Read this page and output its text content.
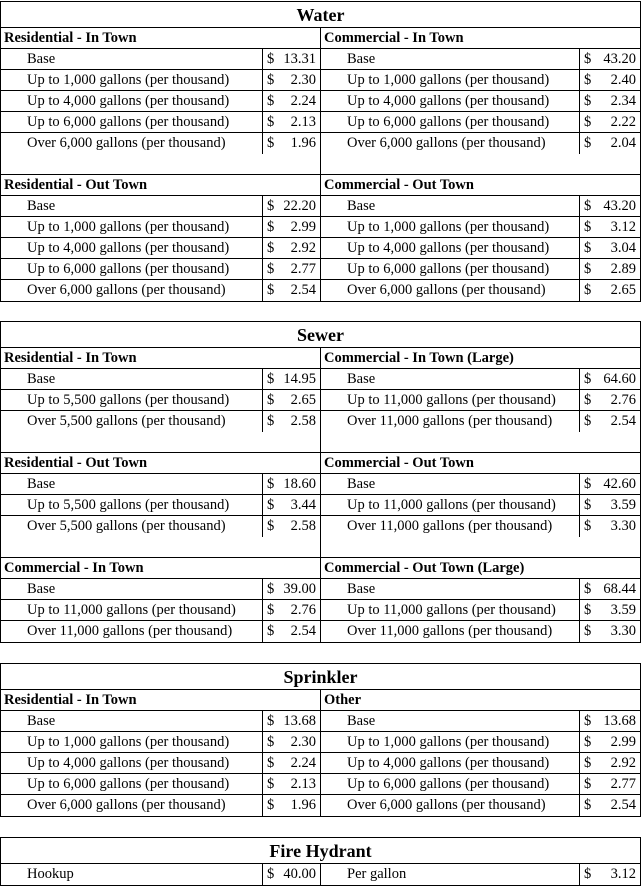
Water
Residential - In Town
Base	$ 13.31
Up to 1,000 gallons (per thousand)	$ 2.30
Up to 4,000 gallons (per thousand)	$ 2.24
Up to 6,000 gallons (per thousand)	$ 2.13
Over 6,000 gallons (per thousand)	$ 1.96
Commercial - In Town
Base	$ 43.20
Up to 1,000 gallons (per thousand)	$ 2.40
Up to 4,000 gallons (per thousand)	$ 2.34
Up to 6,000 gallons (per thousand)	$ 2.22
Over 6,000 gallons (per thousand)	$ 2.04
Residential - Out Town
Base	$ 22.20
Up to 1,000 gallons (per thousand)	$ 2.99
Up to 4,000 gallons (per thousand)	$ 2.92
Up to 6,000 gallons (per thousand)	$ 2.77
Over 6,000 gallons (per thousand)	$ 2.54
Commercial - Out Town
Base	$ 43.20
Up to 1,000 gallons (per thousand)	$ 3.12
Up to 4,000 gallons (per thousand)	$ 3.04
Up to 6,000 gallons (per thousand)	$ 2.89
Over 6,000 gallons (per thousand)	$ 2.65
Sewer
Residential - In Town
Base	$ 14.95
Up to 5,500 gallons (per thousand)	$ 2.65
Over 5,500 gallons (per thousand)	$ 2.58
Commercial - In Town (Large)
Base	$ 64.60
Up to 11,000 gallons (per thousand)	$ 2.76
Over 11,000 gallons (per thousand)	$ 2.54
Residential - Out Town
Base	$ 18.60
Up to 5,500 gallons (per thousand)	$ 3.44
Over 5,500 gallons (per thousand)	$ 2.58
Commercial - Out Town
Base	$ 42.60
Up to 11,000 gallons (per thousand)	$ 3.59
Over 11,000 gallons (per thousand)	$ 3.30
Commercial - In Town
Base	$ 39.00
Up to 11,000 gallons (per thousand)	$ 2.76
Over 11,000 gallons (per thousand)	$ 2.54
Commercial - Out Town (Large)
Base	$ 68.44
Up to 11,000 gallons (per thousand)	$ 3.59
Over 11,000 gallons (per thousand)	$ 3.30
Sprinkler
Residential - In Town
Base	$ 13.68
Up to 1,000 gallons (per thousand)	$ 2.30
Up to 4,000 gallons (per thousand)	$ 2.24
Up to 6,000 gallons (per thousand)	$ 2.13
Over 6,000 gallons (per thousand)	$ 1.96
Other
Base	$ 13.68
Up to 1,000 gallons (per thousand)	$ 2.99
Up to 4,000 gallons (per thousand)	$ 2.92
Up to 6,000 gallons (per thousand)	$ 2.77
Over 6,000 gallons (per thousand)	$ 2.54
Fire Hydrant
Hookup	$ 40.00	Per gallon	$ 3.12
